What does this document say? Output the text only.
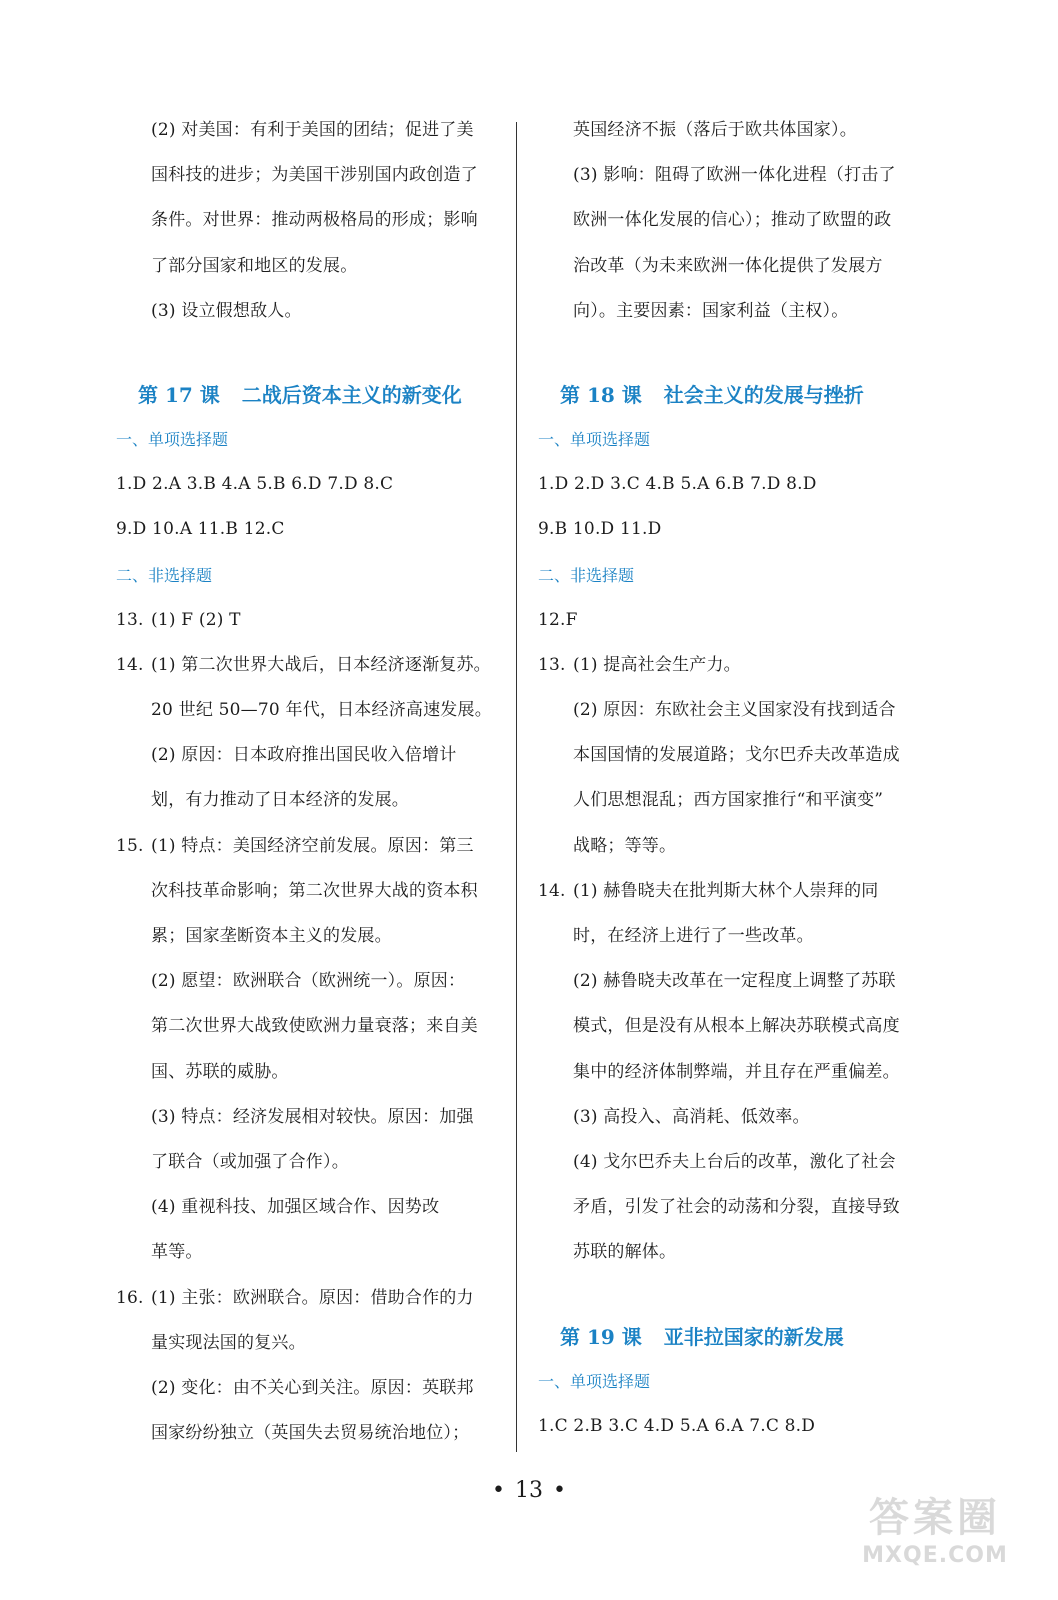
(2) 对美国：有利于美国的团结；促进了美
国科技的进步；为美国干涉别国内政创造了
条件。对世界：推动两极格局的形成；影响
了部分国家和地区的发展。
(3) 设立假想敌人。
第 17 课 二战后资本主义的新变化
一、单项选择题
1.D 2.A 3.B 4.A 5.B 6.D 7.D 8.C
9.D 10.A 11.B 12.C
二、非选择题
13. (1) F (2) T
14. (1) 第二次世界大战后，日本经济逐渐复苏。
20 世纪 50—70 年代，日本经济高速发展。
(2) 原因：日本政府推出国民收入倍增计
划，有力推动了日本经济的发展。
15. (1) 特点：美国经济空前发展。原因：第三
次科技革命影响；第二次世界大战的资本积
累；国家垄断资本主义的发展。
(2) 愿望：欧洲联合（欧洲统一）。原因：
第二次世界大战致使欧洲力量衰落；来自美
国、苏联的威胁。
(3) 特点：经济发展相对较快。原因：加强
了联合（或加强了合作）。
(4) 重视科技、加强区域合作、因势改
革等。
16. (1) 主张：欧洲联合。原因：借助合作的力
量实现法国的复兴。
(2) 变化：由不关心到关注。原因：英联邦
国家纷纷独立（英国失去贸易统治地位）；
英国经济不振（落后于欧共体国家）。
(3) 影响：阻碍了欧洲一体化进程（打击了
欧洲一体化发展的信心）；推动了欧盟的政
治改革（为未来欧洲一体化提供了发展方
向）。主要因素：国家利益（主权）。
第 18 课 社会主义的发展与挫折
一、单项选择题
1.D 2.D 3.C 4.B 5.A 6.B 7.D 8.D
9.B 10.D 11.D
二、非选择题
12.F
13. (1) 提高社会生产力。
(2) 原因：东欧社会主义国家没有找到适合
本国国情的发展道路；戈尔巴乔夫改革造成
人们思想混乱；西方国家推行“和平演变”
战略；等等。
14. (1) 赫鲁晓夫在批判斯大林个人崇拜的同
时，在经济上进行了一些改革。
(2) 赫鲁晓夫改革在一定程度上调整了苏联
模式，但是没有从根本上解决苏联模式高度
集中的经济体制弊端，并且存在严重偏差。
(3) 高投入、高消耗、低效率。
(4) 戈尔巴乔夫上台后的改革，激化了社会
矛盾，引发了社会的动荡和分裂，直接导致
苏联的解体。
第 19 课 亚非拉国家的新发展
一、单项选择题
1.C 2.B 3.C 4.D 5.A 6.A 7.C 8.D
• 13 •
答案圈
MXQE.COM
